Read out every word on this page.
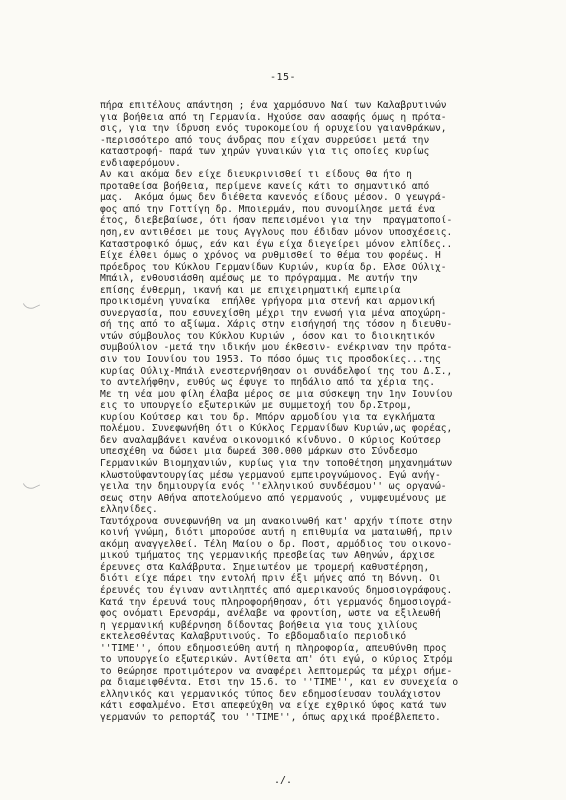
-15-
πήρα επιτέλους απάντηση ; ένα χαρμόσυνο Ναί των Καλαβρυτινών
για βοήθεια από τη Γερμανία. Ηχούσε σαν ασαφής όμως η πρότα-
σις, για την ίδρυση ενός τυροκομείου ή ορυχείου γαιανθράκων,
-περισσότερο από τους άνδρας που είχαν συρρεύσει μετά την
καταστροφή- παρά των χηρών γυναικών για τις οποίες κυρίως
ενδιαφερόμουν.
Αν και ακόμα δεν είχε διευκρινισθεί τι είδους θα ήτο η
προταθείσα βοήθεια, περίμενε κανείς κάτι το σημαντικό από
μας.  Ακόμα όμως δεν διέθετα κανενός είδους μέσον. Ο γεωγρά-
φος από την Γοττίγη δρ. Μποιερμάν, που συνομίλησε μετά ένα
έτος, διεβεβαίωσε, ότι ήσαν πεπεισμένοι για την  πραγματοποί-
ηση,εν αντιθέσει με τους Αγγλους που έδιδαν μόνον υποσχέσεις.
Καταστροφικό όμως, εάν και έγω είχα διεγείρει μόνον ελπίδες..
Είχε έλθει όμως ο χρόνος να ρυθμισθεί το θέμα του φορέως. Η
πρόεδρος του Κύκλου Γερμανίδων Κυριών, κυρία δρ. Ελσε Ούλιχ-
Μπάιλ, ενθουσιάσθη αμέσως με το πρόγραμμα. Με αυτήν την
επίσης ένθερμη, ικανή και με επιχειρηματική εμπειρία
προικισμένη γυναίκα  επήλθε γρήγορα μια στενή και αρμονική
συνεργασία, που εσυνεχίσθη μέχρι την ενωσή για μένα αποχώρη-
σή της από το αξίωμα. Χάρις στην εισήγησή της τόσον η διευθυ-
ντών σύμβουλος του Κύκλου Κυριών , όσον και το διοικητικόν
συμβούλιον -μετά την ιδικήν μου έκθεσιν- ενέκριναν την πρότα-
σιν του Ιουνίου του 1953. Το πόσο όμως τις προσδοκίες...της
κυρίας Ούλιχ-Μπάιλ ενεστερνήθησαν οι συνάδελφοί της του Δ.Σ.,
το αντελήφθην, ευθύς ως έφυγε το πηδάλιο από τα χέρια της.
Με τη νέα μου φίλη έλαβα μέρος σε μια σύσκεψη την 1ην Ιουνίου
εις το υπουργείο εξωτερικών με συμμετοχή του δρ.Στρομ,
κυρίου Κούτσερ και του δρ. Μπόρν αρμοδίου για τα εγκλήματα
πολέμου. Συνεφωνήθη ότι ο Κύκλος Γερμανίδων Κυριών,ως φορέας,
δεν αναλαμβάνει κανένα οικονομικό κίνδυνο. Ο κύριος Κούτσερ
υπεσχέθη να δώσει μια δωρεά 300.000 μάρκων στο Σύνδεσμο
Γερμανικών Βιομηχανιών, κυρίως για την τοποθέτηση μηχανημάτων
κλωστοϋφαντουργίας μέσω γερμανού εμπειρογνώμονος. Εγώ ανήγ-
γειλα την δημιουργία ενός ''ελληνικού συνδέσμου'' ως οργανώ-
σεως στην Αθήνα αποτελούμενο από γερμανούς , νυμφευμένους με
ελληνίδες.
Ταυτόχρονα συνεφωνήθη να μη ανακοινωθή κατ' αρχήν τίποτε στην
κοινή γνώμη, διότι μπορούσε αυτή η επιθυμία να ματαιωθή, πριν
ακόμη αναγγελθεί. Τέλη Μαίου ο δρ. Ποστ, αρμόδιος του οικονο-
μικού τμήματος της γερμανικής πρεσβείας των Αθηνών, άρχισε
έρευνες στα Καλάβρυτα. Σημειωτέον με τρομερή καθυστέρηση,
διότι είχε πάρει την εντολή πριν έξι μήνες από τη Βόννη. Οι
έρευνές του έγιναν αντιληπτές από αμερικανούς δημοσιογράφους.
Κατά την έρευνά τους πληροφορήθησαν, ότι γερμανός δημοσιογρά-
φος ονόματι Ερενσράμ, ανέλαβε να φροντίση, ωστε να εξιλεωθή
η γερμανική κυβέρνηση δίδοντας βοήθεια για τους χιλίους
εκτελεσθέντας Καλαβρυτινούς. Το εβδομαδιαίο περιοδικό
''TIME'', όπου εδημοσιεύθη αυτή η πληροφορία, απευθύνθη προς
το υπουργείο εξωτερικών. Αντίθετα απ' ότι εγώ, ο κύριος Στρόμ
το θεώρησε προτιμότερον να αναφέρει λεπτομερώς τα μέχρι σήμε-
ρα διαμειφθέντα. Ετσι την 15.6. το ''TIME'', και εν συνεχεία ο
ελληνικός και γερμανικός τύπος δεν εδημοσίευσαν τουλάχιστον
κάτι εσφαλμένο. Ετσι απεφεύχθη να είχε εχθρικό ύφος κατά των
γερμανών το ρεπορτάζ του ''TIME'', όπως αρχικά προέβλεπετο.
./.
